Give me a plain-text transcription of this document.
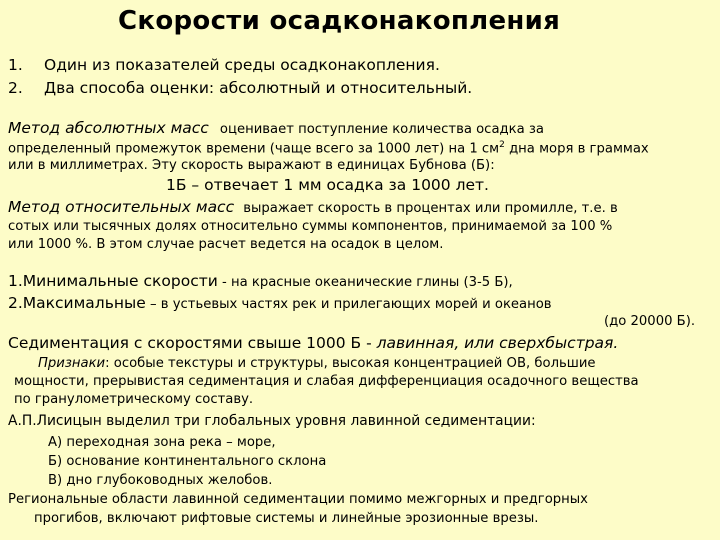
Скорости осадконакопления
1. Один из показателей среды осадконакопления.
2. Два способа оценки: абсолютный и относительный.
Метод абсолютных масс оценивает поступление количества осадка за
определенный промежуток времени (чаще всего за 1000 лет) на 1 $см^2$ дна моря в граммах
или в миллиметрах. Эту скорость выражают в единицах Бубнова (Б):
1Б – отвечает 1 мм осадка за 1000 лет.
Метод относительных масс выражает скорость в процентах или промилле, т.е. в
сотых или тысячных долях относительно суммы компонентов, принимаемой за 100 %
или 1000 %. В этом случае расчет ведется на осадок в целом.
1.Минимальные скорости - на красные океанические глины (3-5 Б),
2.Максимальные – в устьевых частях рек и прилегающих морей и океанов
(до 20000 Б).
Седиментация с скоростями свыше 1000 Б - лавинная, или сверхбыстрая.
Признаки: особые текстуры и структуры, высокая концентрацией ОВ, большие
мощности, прерывистая седиментация и слабая дифференциация осадочного вещества
по гранулометрическому составу.
А.П.Лисицын выделил три глобальных уровня лавинной седиментации:
А) переходная зона река – море,
Б) основание континентального склона
В) дно глубоководных желобов.
Региональные области лавинной седиментации помимо межгорных и предгорных
прогибов, включают рифтовые системы и линейные эрозионные врезы.
